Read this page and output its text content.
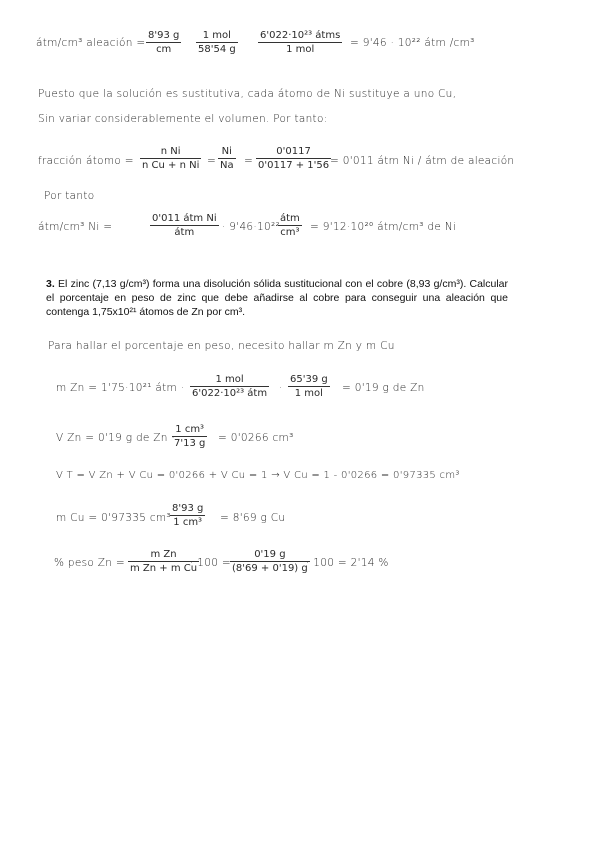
átm/cm³ aleación = $\frac{8'93 g}{cm}$	1 mol
58'54 g
6'022·10²³ átms
1 mol
= 9'46 · 10²² átm /cm³
Puesto que la solución es sustitutiva, cada átomo de Ni sustituye a uno Cu,
Sin variar considerablemente el volumen. Por tanto:
fracción átomo = $\frac{\text{n Ni}}{\text{n Cu + n Ni}} = \frac{Ni}{Na} = \frac{0'0117}{0'0117 + 1'56}$
= 0'011 átm Ni / átm de aleación
Por tanto
átm/cm³ Ni =
0'011 átm Ni
átm	· 9'46·10²²
átm
cm³ = 9'12·10²⁰ átm/cm³ de Ni
3. El zinc (7,13 g/cm³) forma una disolución sólida sustitucional con el cobre (8,93 g/cm³). Calcular el porcentaje en peso de zinc que debe añadirse al cobre para conseguir una aleación que contenga 1,75x10²¹ átomos de Zn por cm³.
Para hallar el porcentaje en peso, necesito hallar m Zn y m Cu
m Zn = 1'75·10²¹ átm ·
1 mol
6'022·10²³ átm ·
65'39 g
1 mol	= 0'19 g de Zn
V Zn = 0'19 g de Zn ·
$\frac{\text{1 cm³}}{7'13 g} = 0'0266$ cm³
V T = V Zn + V Cu = 0'0266 + V Cu = 1 → V Cu = 1 - 0'0266 = 0'97335 cm³
m Cu = 0'97335 cm³ ·
$\frac{8'93 g}{\text{1 cm³}} = 8'69$ g Cu
% peso $Zn = \frac{\text{m Zn}}{\text{m Zn + m Cu}}$
· $100 = \frac{0'19 g}{(8'69 + 0'19) g}$
· 100 = 2'14 %
